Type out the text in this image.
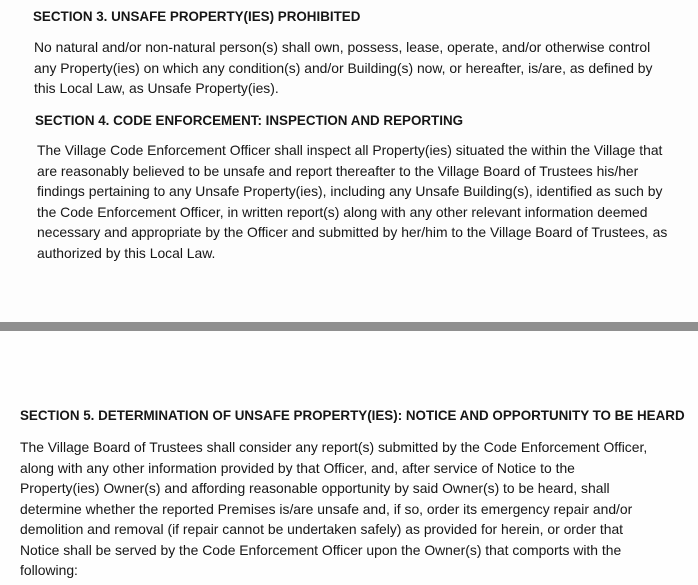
SECTION 3. UNSAFE PROPERTY(IES) PROHIBITED
No natural and/or non-natural person(s) shall own, possess, lease, operate, and/or otherwise control
any Property(ies) on which any condition(s) and/or Building(s) now, or hereafter, is/are, as defined by
this Local Law, as Unsafe Property(ies).
SECTION 4. CODE ENFORCEMENT: INSPECTION AND REPORTING
The Village Code Enforcement Officer shall inspect all Property(ies) situated the within the Village that
are reasonably believed to be unsafe and report thereafter to the Village Board of Trustees his/her
findings pertaining to any Unsafe Property(ies), including any Unsafe Building(s), identified as such by
the Code Enforcement Officer, in written report(s) along with any other relevant information deemed
necessary and appropriate by the Officer and submitted by her/him to the Village Board of Trustees, as
authorized by this Local Law.
SECTION 5. DETERMINATION OF UNSAFE PROPERTY(IES): NOTICE AND OPPORTUNITY TO BE HEARD
The Village Board of Trustees shall consider any report(s) submitted by the Code Enforcement Officer,
along with any other information provided by that Officer, and, after service of Notice to the
Property(ies) Owner(s) and affording reasonable opportunity by said Owner(s) to be heard, shall
determine whether the reported Premises is/are unsafe and, if so, order its emergency repair and/or
demolition and removal (if repair cannot be undertaken safely) as provided for herein, or order that
Notice shall be served by the Code Enforcement Officer upon the Owner(s) that comports with the
following:
